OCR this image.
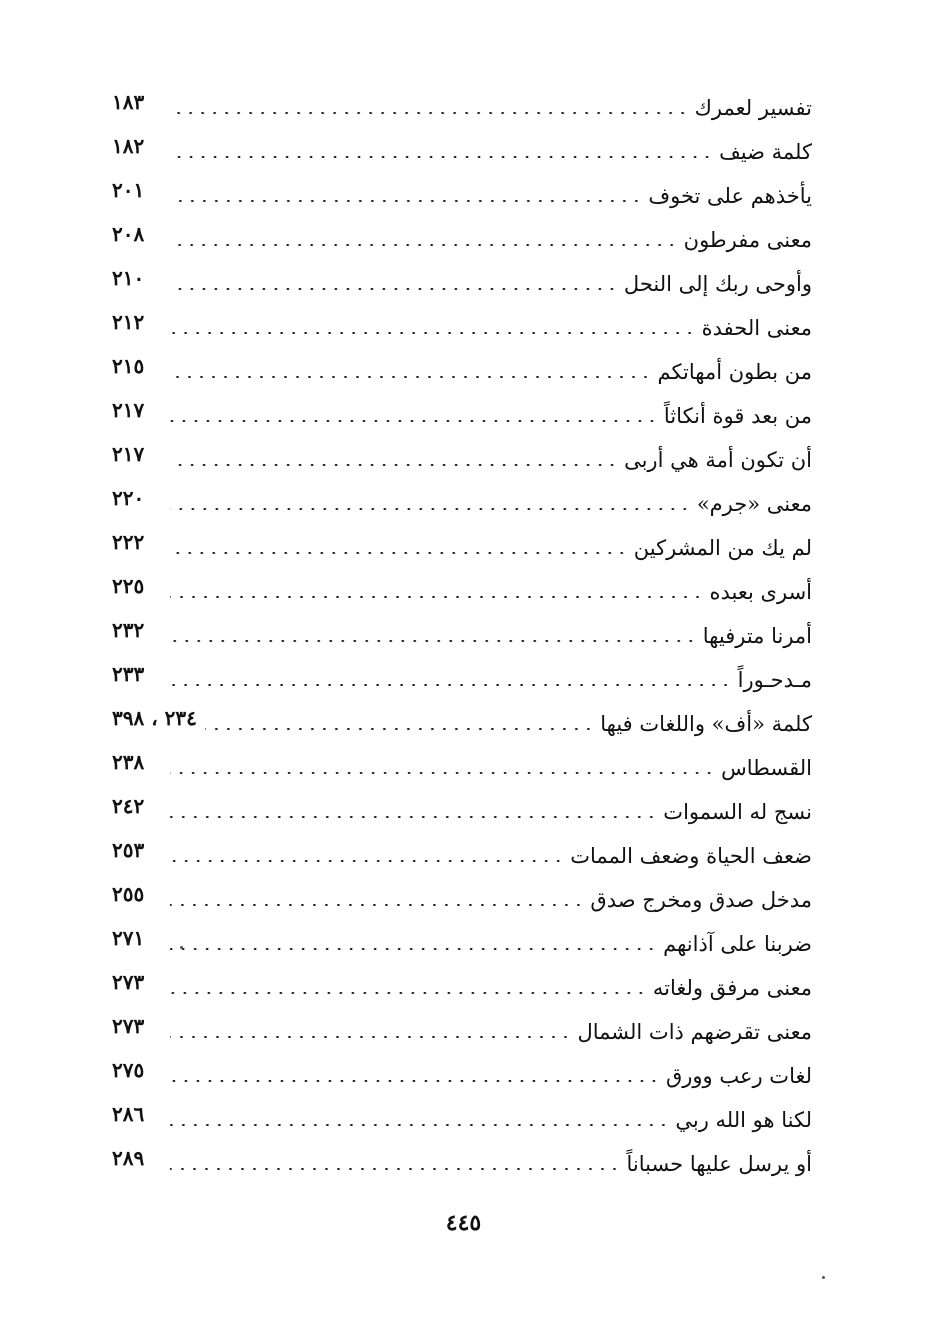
تفسير لعمرك
١٨٣
كلمة ضيف
١٨٢
يأخذهم على تخوف
٢٠١
معنى مفرطون
٢٠٨
وأوحى ربك إلى النحل
٢١٠
معنى الحفدة
٢١٢
من بطون أمهاتكم
٢١٥
من بعد قوة أنكاثاً
٢١٧
أن تكون أمة هي أربى
٢١٧
معنى «جرم»
٢٢٠
لم يك من المشركين
٢٢٢
أسرى بعبده
٢٢٥
أمرنا مترفيها
٢٣٢
مـدحـوراً
٢٣٣
كلمة «أف» واللغات فيها
٢٣٤ ، ٣٩٨
القسطاس
٢٣٨
نسج له السموات
٢٤٢
ضعف الحياة وضعف الممات
٢٥٣
مدخل صدق ومخرج صدق
٢٥٥
ضربنا على آذانهم
٢٧١
معنى مرفق ولغاته
٢٧٣
معنى تقرضهم ذات الشمال
٢٧٣
لغات رعب وورق
٢٧٥
لكنا هو الله ربي
٢٨٦
أو يرسل عليها حسباناً
٢٨٩
٤٤٥
